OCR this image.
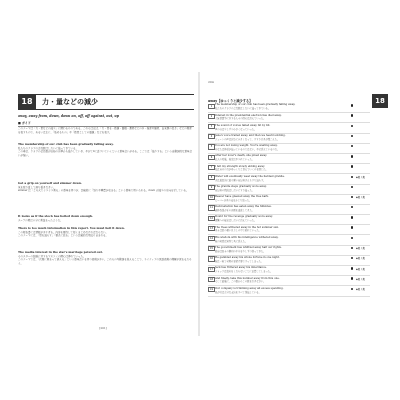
18	力・量などの減少
away, away from, down, down on, off, off against, out, up
■ ガイド
このテーマは「力・量などの減少」に関わるものである。これらはほぼ、「力・量を・数値・面積・濃度などの多・強度や頻度、出来事の長さ」などの程度を表すもので、あるいは主に、「低めるもの」や「数量としての価値」などを表す。
The membership of our club has been gradually falling away.
私たちのクラブの会員数はしだいに減ってきている。
この場合、クラブの会員数が以前の水準から減少していき、やがて0に近づいていくという意味合いがある。ここでは「減少する」という自動詞的な意味合いが強い。
Get a grip on yourself and simmer down.
気を取り直して落ち着きなさい。
simmer は「とろ火でぐつぐつ煮る」の意味を持つが、比喩的に「怒りや興奮が収まる」という意味で用いられる。down が減少の方向を示している。
It looks as if the stock has boiled down enough.
スープの素は十分に煮詰まったようだ。
There is too much information in this report. You must boil it down.
この報告書には情報が多すぎる。内容を要約して短くまとめなければならない。
このテーマには、「量を減らす」「要点に絞る」という比喩的な用法も含まれる。
The media interest in the star's marriage petered out.
そのスターの結婚に対するマスコミの関心は薄れていった。
このテーマでは、「次第に弱まって消える」という意味合いを持つ表現が多い。これらの句動詞を覚えることで、ネイティブの英語表現の理解が深まるだろう。
[201]
204
18
away【ゆっくりと減少する】
1	The membership of our club has been gradually falling away.
私たちのクラブの会員数はしだいに減ってきている。
2	Interest in the presidential election has died away.
大統領選挙に対する人々の関心は消えていった。
3	The sound of voices tailed away bit by bit.
声の音は少しずつ小さくなっていった。
4	Jane's voice trailed away, and then we heard sobbing.
ジェーンの声は次第に小さくなって、すすり泣きが聞こえた。
5	You are not losing weight. You're wasting away.
あなたは体重が減っているのではない。やせ衰えているのだ。
6	After her lover's death, she pined away.
恋人の死後、彼女はやつれていった。
7	I felt my strength slowly ebbing away.
私は自分の力がゆっくりと衰えていくのを感じた。
8	Water will eventually wear away the hardest granite.
水は最終的に最も硬い花崗岩さえもすり減らす。
◆英 / 英
9	The granite steps gradually wore away.
花崗岩の階段はしだいにすり減った。
10 Beaver have gnawed away the tree bark.
ビーバーが木の皮をかじり取った。
◆英 / 英
11 Deforestation has eaten away the hillsides.
森林伐採が丘の斜面を浸食してきた。
12 Doubt for the revenge gradually wore away.
復讐への疑念はしだいに消えていった。
13 The trees withered away in the hot summer sun.
木々は夏の暑い日差しの中で枯れていった。
14 His wisdom with his intelligence withered away.
彼の知恵は知性と共に衰えた。
15 The government has whittled away half our rights.
政府は我々の権利の半分を少しずつ削ってきた。
◆英 / 英
16 He gambled away his whole fortune in one night.
彼は一晩で全財産を賭け事ですってしまった。
◆英 / 英
17 Jack has frittered away his inheritance.
ジャックは遺産をくだらないことに浪費してしまった。
◆英 / 英
18 And finally, take this number away from this one.
そして最後に、この数からこの数を引きなさい。
◆英 / 英
19 Our company is trimming away all excess spending.
我が社は余分な支出をすべて削減している。
◆英 / 英
